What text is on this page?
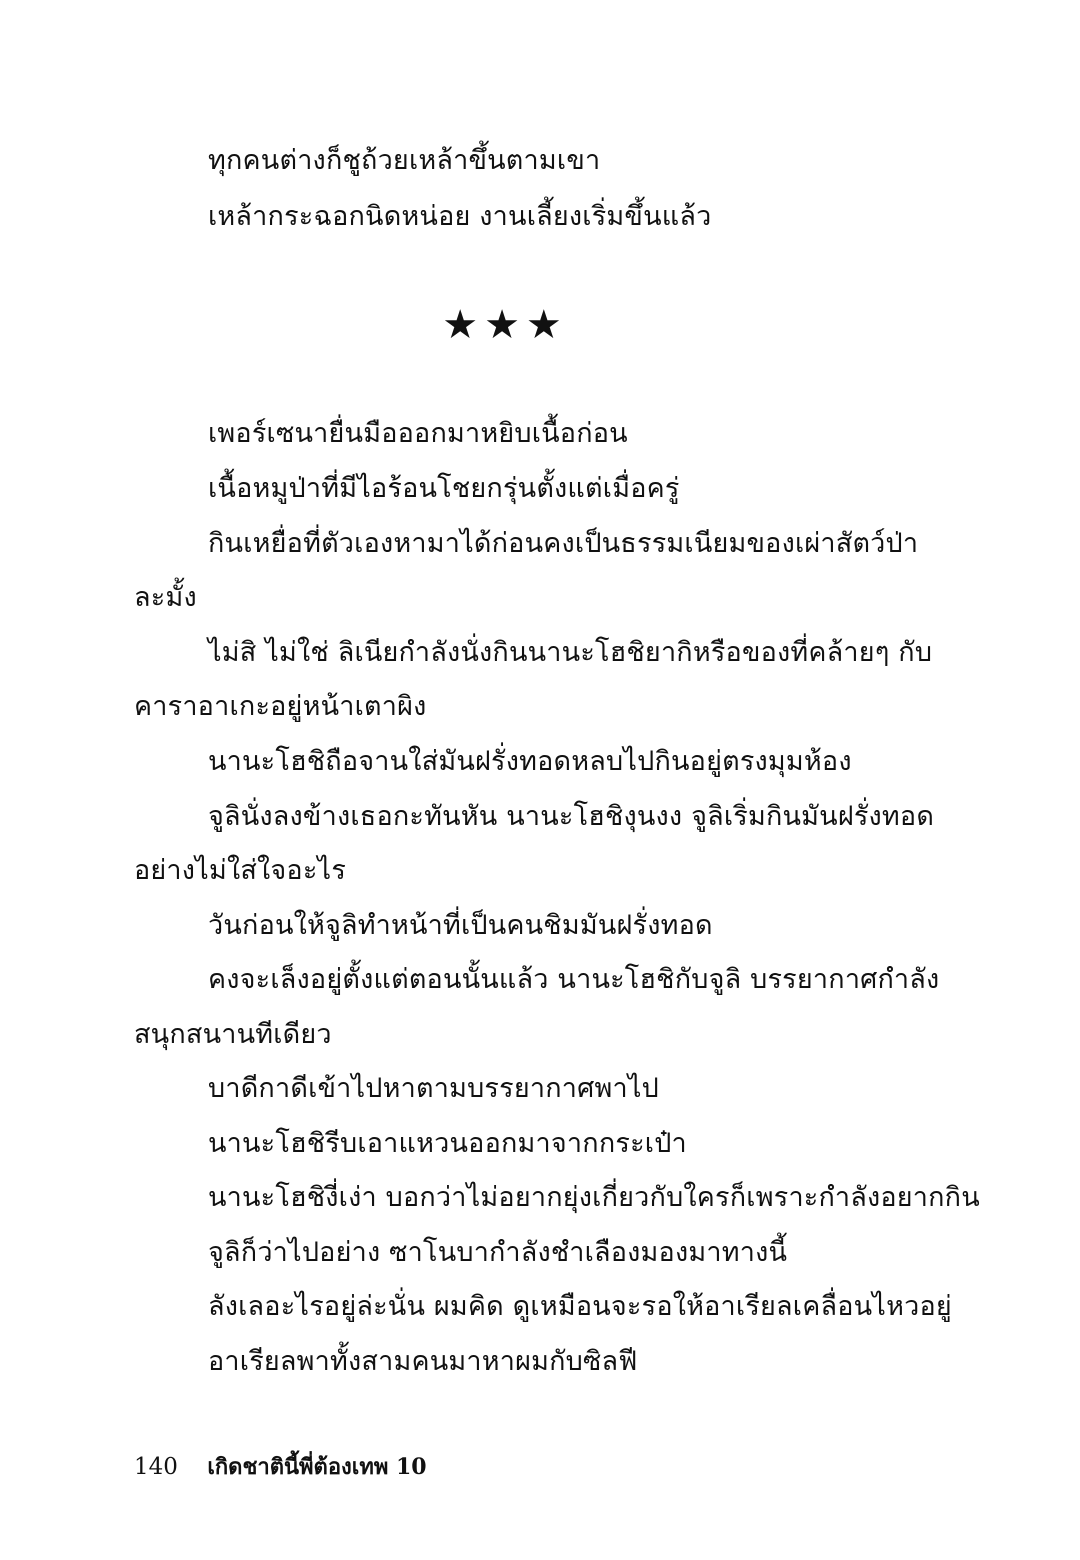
ทุกคนต่างก็ชูถ้วยเหล้าขึ้นตามเขา
เหล้ากระฉอกนิดหน่อย งานเลี้ยงเริ่มขึ้นแล้ว
★★★
เพอร์เซนายื่นมือออกมาหยิบเนื้อก่อน
เนื้อหมูป่าที่มีไอร้อนโชยกรุ่นตั้งแต่เมื่อครู่
กินเหยื่อที่ตัวเองหามาได้ก่อนคงเป็นธรรมเนียมของเผ่าสัตว์ป่า
ละมั้ง
ไม่สิ ไม่ใช่ ลิเนียกำลังนั่งกินนานะโฮชิยากิหรือของที่คล้ายๆ กับ
คาราอาเกะอยู่หน้าเตาผิง
นานะโฮชิถือจานใส่มันฝรั่งทอดหลบไปกินอยู่ตรงมุมห้อง
จูลินั่งลงข้างเธอกะทันหัน นานะโฮชิงุนงง จูลิเริ่มกินมันฝรั่งทอด
อย่างไม่ใส่ใจอะไร
วันก่อนให้จูลิทำหน้าที่เป็นคนชิมมันฝรั่งทอด
คงจะเล็งอยู่ตั้งแต่ตอนนั้นแล้ว นานะโฮชิกับจูลิ บรรยากาศกำลัง
สนุกสนานทีเดียว
บาดีกาดีเข้าไปหาตามบรรยากาศพาไป
นานะโฮชิรีบเอาแหวนออกมาจากกระเป๋า
นานะโฮชิงี่เง่า บอกว่าไม่อยากยุ่งเกี่ยวกับใครก็เพราะกำลังอยากกิน
จูลิก็ว่าไปอย่าง ซาโนบากำลังชำเลืองมองมาทางนี้
ลังเลอะไรอยู่ล่ะนั่น ผมคิด ดูเหมือนจะรอให้อาเรียลเคลื่อนไหวอยู่
อาเรียลพาทั้งสามคนมาหาผมกับซิลฟี
140 เกิดชาตินี้พี่ต้องเทพ 10
